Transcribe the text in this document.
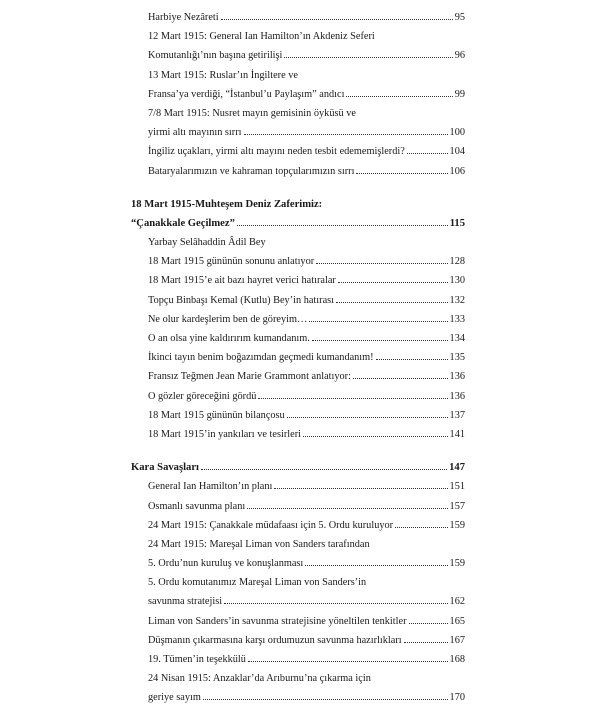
Harbiye Nezâreti	95
12 Mart 1915: General Ian Hamilton’ın Akdeniz Seferi
Komutanlığı’nın başına getirilişi	96
13 Mart 1915: Ruslar’ın İngiltere ve
Fransa’ya verdiği, “İstanbul’u Paylaşım” andıcı	99
7/8 Mart 1915: Nusret mayın gemisinin öyküsü ve
yirmi altı mayının sırrı	100
İngiliz uçakları, yirmi altı mayını neden tesbit edememişlerdi?	104
Bataryalarımızın ve kahraman topçularımızın sırrı	106
18 Mart 1915-Muhteşem Deniz Zaferimiz:
“Çanakkale Geçilmez”	115
Yarbay Selâhaddin Âdil Bey
18 Mart 1915 gününün sonunu anlatıyor	128
18 Mart 1915’e ait bazı hayret verici hatıralar	130
Topçu Binbaşı Kemal (Kutlu) Bey’in hatırası	132
Ne olur kardeşlerim ben de göreyim…	133
O an olsa yine kaldırırım kumandanım.	134
İkinci tayın benim boğazımdan geçmedi kumandanım!	135
Fransız Teğmen Jean Marie Grammont anlatıyor:	136
O gözler göreceğini gördü	136
18 Mart 1915 gününün bilançosu	137
18 Mart 1915’in yankıları ve tesirleri	141
Kara Savaşları	147
General Ian Hamilton’ın planı	151
Osmanlı savunma planı	157
24 Mart 1915: Çanakkale müdafaası için 5. Ordu kuruluyor	159
24 Mart 1915: Mareşal Liman von Sanders tarafından
5. Ordu’nun kuruluş ve konuşlanması	159
5. Ordu komutanımız Mareşal Liman von Sanders’in
savunma stratejisi	162
Liman von Sanders’in savunma stratejisine yöneltilen tenkitler	165
Düşmanın çıkarmasına karşı ordumuzun savunma hazırlıkları	167
19. Tümen’in teşekkülü	168
24 Nisan 1915: Anzaklar’da Arıburnu’na çıkarma için
geriye sayım	170
